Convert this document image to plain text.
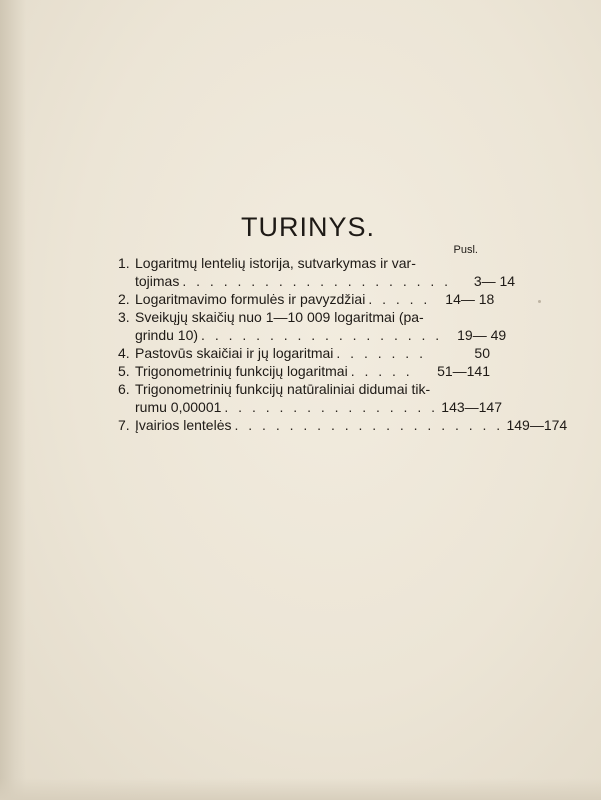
TURINYS.
Pusl.
1. Logaritmų lentelių istorija, sutvarkymas ir var-
tojimas . . . . . . . . . . . . . . . . . . . .	3— 14
2. Logaritmavimo formulės ir pavyzdžiai . . . . .	14— 18
3. Sveikųjų skaičių nuo 1—10 009 logaritmai (pa-
grindu 10) . . . . . . . . . . . . . . . . . .	19— 49
4. Pastovūs skaičiai ir jų logaritmai . . . . . . .	50
5. Trigonometrinių funkcijų logaritmai . . . . .	51—141
6. Trigonometrinių funkcijų natūraliniai didumai tik-
rumu 0,00001 . . . . . . . . . . . . . . . . 143—147
7. Įvairios lentelės . . . . . . . . . . . . . . . . . . . . 149—174
